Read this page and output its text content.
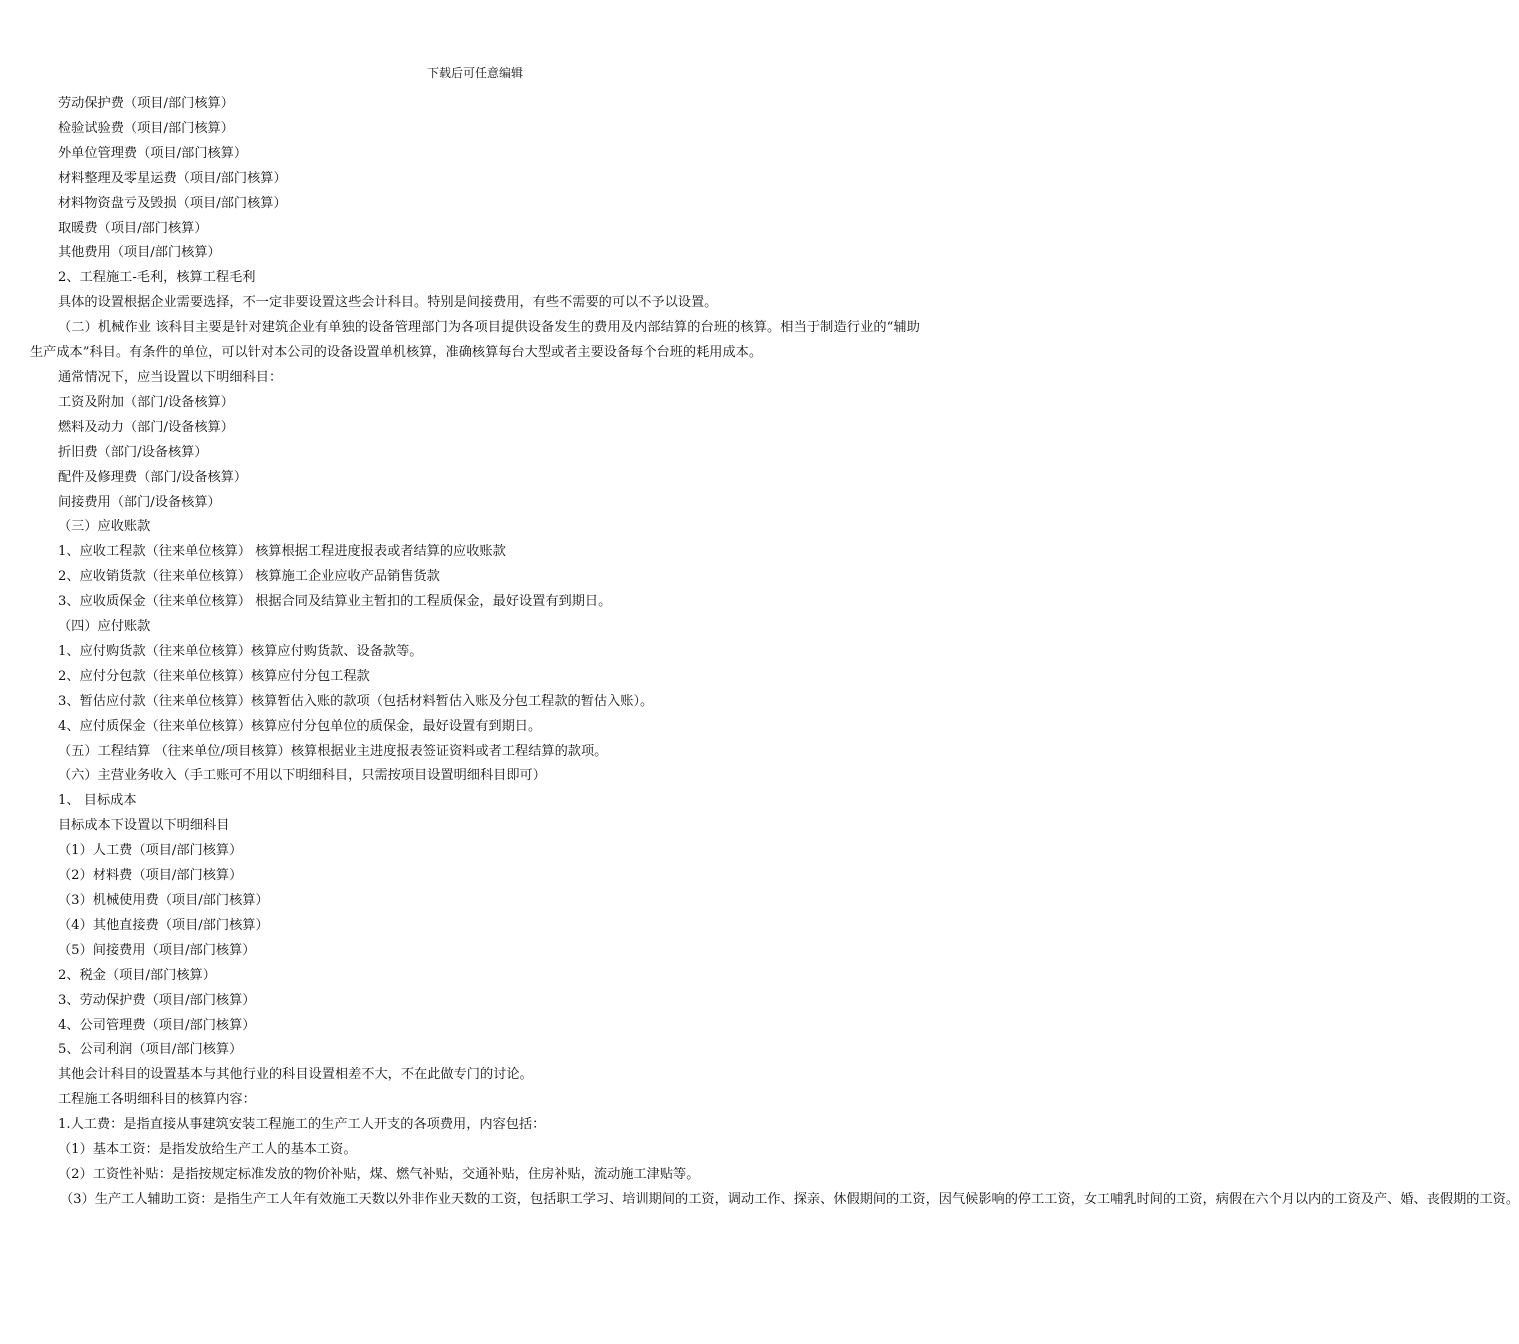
下载后可任意编辑

劳动保护费（项目/部门核算）

检验试验费（项目/部门核算）

外单位管理费（项目/部门核算）

材料整理及零星运费（项目/部门核算）

材料物资盘亏及毁损（项目/部门核算）

取暖费（项目/部门核算）

其他费用（项目/部门核算）

2、工程施工-毛利，核算工程毛利

具体的设置根据企业需要选择，不一定非要设置这些会计科目。特别是间接费用，有些不需要的可以不予以设置。

（二）机械作业 该科目主要是针对建筑企业有单独的设备管理部门为各项目提供设备发生的费用及内部结算的台班的核算。相当于制造行业的“辅助生产成本”科目。有条件的单位，可以针对本公司的设备设置单机核算，准确核算每台大型或者主要设备每个台班的耗用成本。

通常情况下，应当设置以下明细科目：

工资及附加（部门/设备核算）

燃料及动力（部门/设备核算）

折旧费（部门/设备核算）

配件及修理费（部门/设备核算）

间接费用（部门/设备核算）

（三）应收账款

1、应收工程款（往来单位核算） 核算根据工程进度报表或者结算的应收账款

2、应收销货款（往来单位核算） 核算施工企业应收产品销售货款

3、应收质保金（往来单位核算） 根据合同及结算业主暂扣的工程质保金，最好设置有到期日。

（四）应付账款

1、应付购货款（往来单位核算）核算应付购货款、设备款等。

2、应付分包款（往来单位核算）核算应付分包工程款

3、暂估应付款（往来单位核算）核算暂估入账的款项（包括材料暂估入账及分包工程款的暂估入账）。

4、应付质保金（往来单位核算）核算应付分包单位的质保金，最好设置有到期日。

（五）工程结算 （往来单位/项目核算）核算根据业主进度报表签证资料或者工程结算的款项。

（六）主营业务收入（手工账可不用以下明细科目，只需按项目设置明细科目即可）

1、 目标成本

目标成本下设置以下明细科目

（1）人工费（项目/部门核算）

（2）材料费（项目/部门核算）

（3）机械使用费（项目/部门核算）

（4）其他直接费（项目/部门核算）

（5）间接费用（项目/部门核算）

2、税金（项目/部门核算）

3、劳动保护费（项目/部门核算）

4、公司管理费（项目/部门核算）

5、公司利润（项目/部门核算）

其他会计科目的设置基本与其他行业的科目设置相差不大，不在此做专门的讨论。

工程施工各明细科目的核算内容：

1.人工费：是指直接从事建筑安装工程施工的生产工人开支的各项费用，内容包括：

（1）基本工资：是指发放给生产工人的基本工资。

（2）工资性补贴：是指按规定标准发放的物价补贴，煤、燃气补贴，交通补贴，住房补贴，流动施工津贴等。

（3）生产工人辅助工资：是指生产工人年有效施工天数以外非作业天数的工资，包括职工学习、培训期间的工资，调动工作、探亲、休假期间的工资，因气候影响的停工工资，女工哺乳时间的工资，病假在六个月以内的工资及产、婚、丧假期的工资。
